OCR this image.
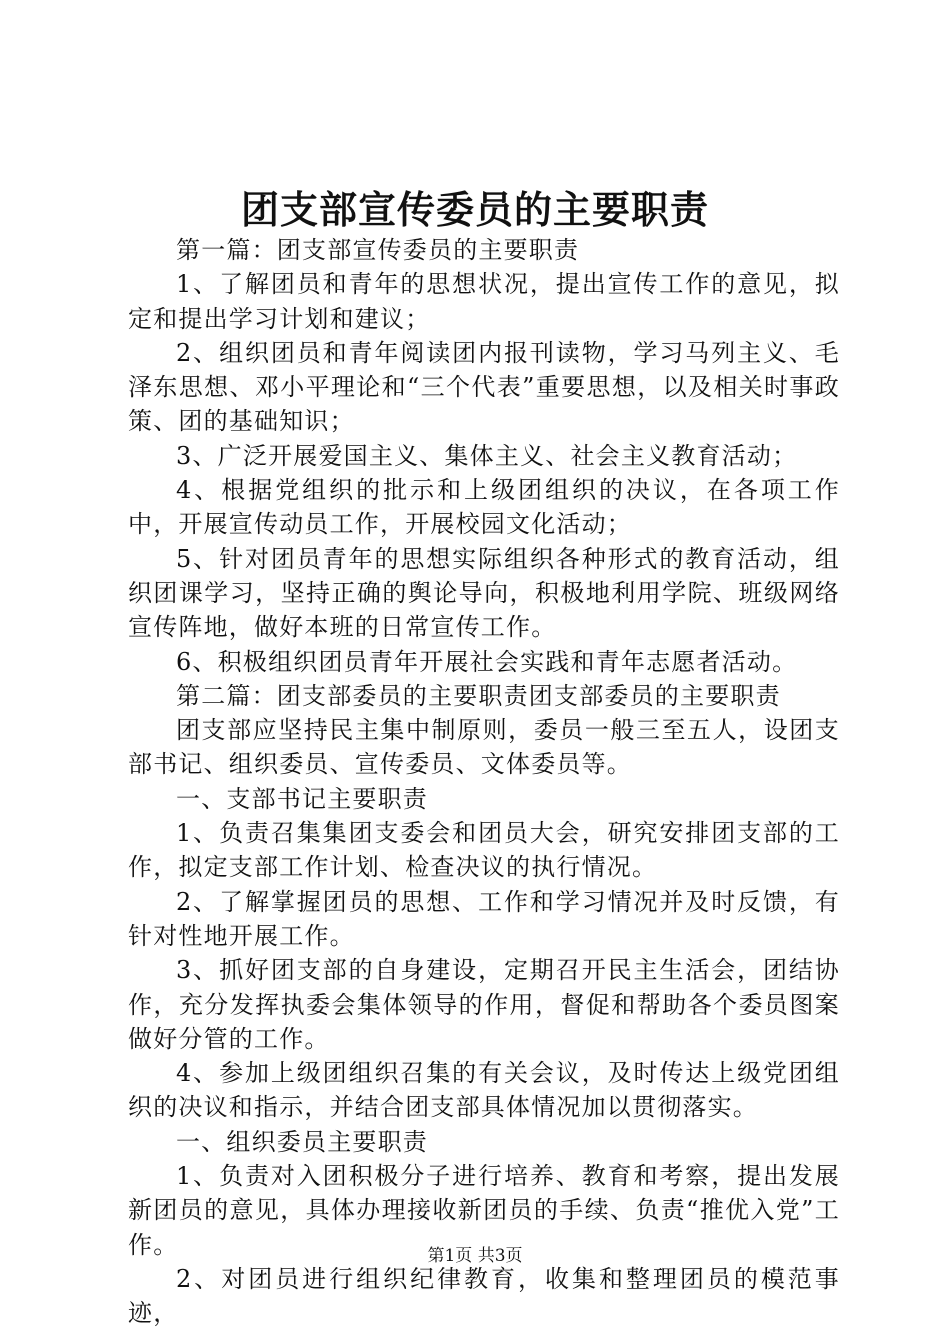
团支部宣传委员的主要职责

第一篇：团支部宣传委员的主要职责

1、了解团员和青年的思想状况，提出宣传工作的意见，拟定和提出学习计划和建议；

2、组织团员和青年阅读团内报刊读物，学习马列主义、毛泽东思想、邓小平理论和“三个代表”重要思想，以及相关时事政策、团的基础知识；

3、广泛开展爱国主义、集体主义、社会主义教育活动；

4、根据党组织的批示和上级团组织的决议，在各项工作中，开展宣传动员工作，开展校园文化活动；

5、针对团员青年的思想实际组织各种形式的教育活动，组织团课学习，坚持正确的舆论导向，积极地利用学院、班级网络宣传阵地，做好本班的日常宣传工作。

6、积极组织团员青年开展社会实践和青年志愿者活动。

第二篇：团支部委员的主要职责团支部委员的主要职责

团支部应坚持民主集中制原则，委员一般三至五人，设团支部书记、组织委员、宣传委员、文体委员等。

一、支部书记主要职责

1、负责召集集团支委会和团员大会，研究安排团支部的工作，拟定支部工作计划、检查决议的执行情况。

2、了解掌握团员的思想、工作和学习情况并及时反馈，有针对性地开展工作。

3、抓好团支部的自身建设，定期召开民主生活会，团结协作，充分发挥执委会集体领导的作用，督促和帮助各个委员图案做好分管的工作。

4、参加上级团组织召集的有关会议，及时传达上级党团组织的决议和指示，并结合团支部具体情况加以贯彻落实。

一、组织委员主要职责

1、负责对入团积极分子进行培养、教育和考察，提出发展新团员的意见，具体办理接收新团员的手续、负责“推优入党”工作。

2、对团员进行组织纪律教育，收集和整理团员的模范事迹，

第1页 共3页
